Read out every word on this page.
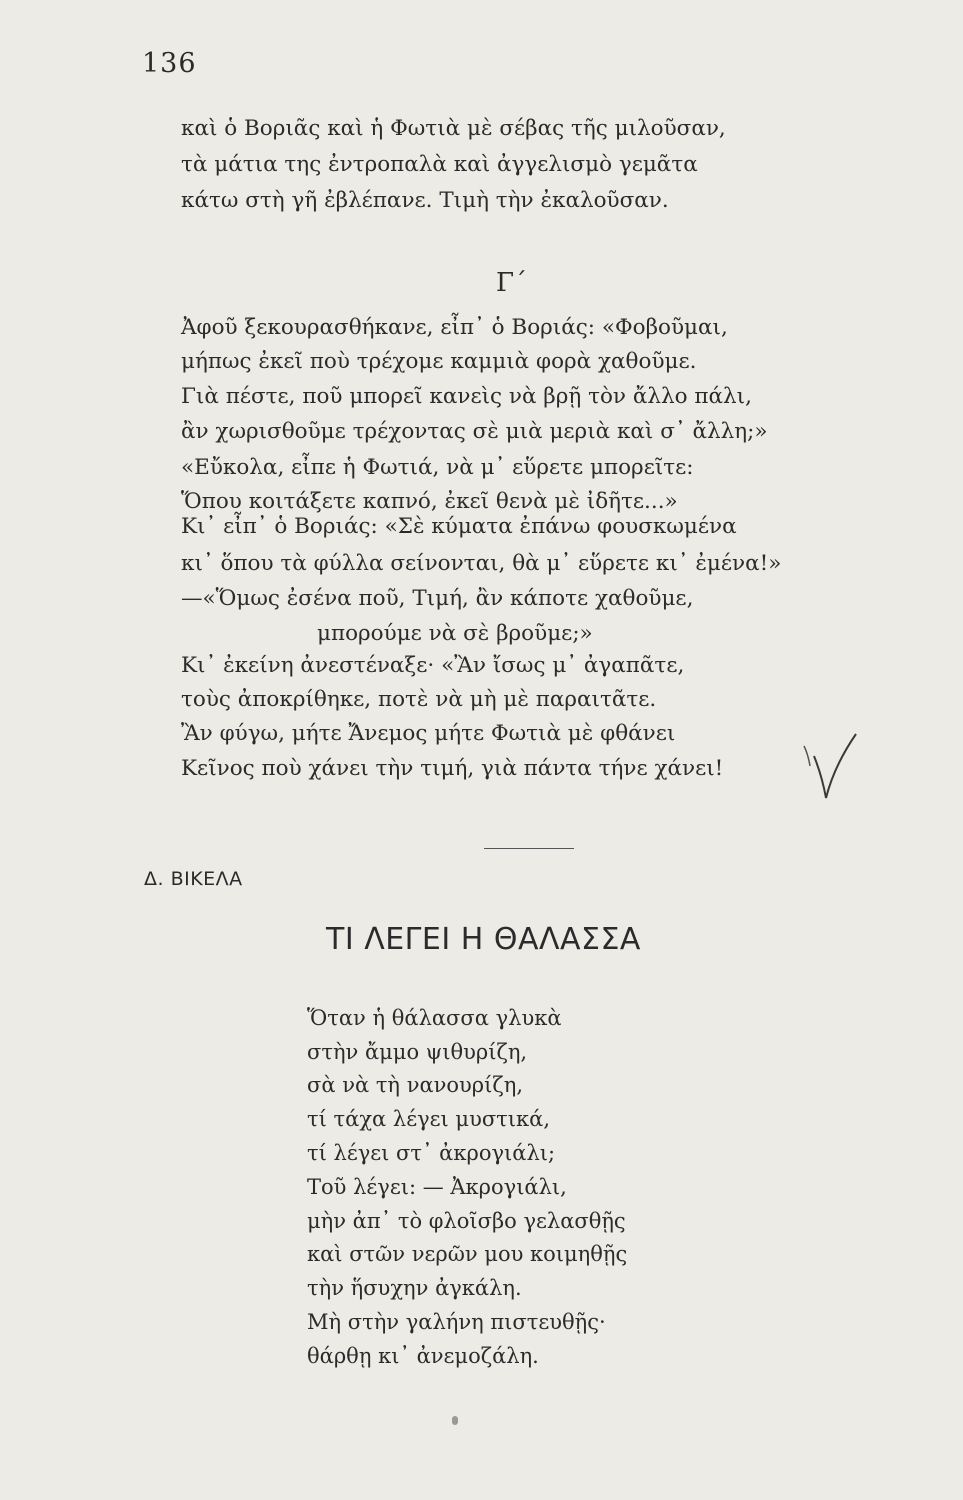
136
καὶ ὁ Βοριᾶς καὶ ἡ Φωτιὰ μὲ σέβας τῆς μιλοῦσαν,
τὰ μάτια της ἐντροπαλὰ καὶ ἀγγελισμὸ γεμᾶτα
κάτω στὴ γῆ ἐβλέπανε. Τιμὴ τὴν ἐκαλοῦσαν.
Γ΄
Ἀφοῦ ξεκουρασθήκανε, εἶπ᾿ ὁ Βοριάς: «Φοβοῦμαι,
μήπως ἐκεῖ ποὺ τρέχομε καμμιὰ φορὰ χαθοῦμε.
Γιὰ πέστε, ποῦ μπορεῖ κανεὶς νὰ βρῇ τὸν ἄλλο πάλι,
ἂν χωρισθοῦμε τρέχοντας σὲ μιὰ μεριὰ καὶ σ᾿ ἄλλη;»
«Εὔκολα, εἶπε ἡ Φωτιά, νὰ μ᾿ εὕρετε μπορεῖτε:
Ὅπου κοιτάξετε καπνό, ἐκεῖ θενὰ μὲ ἰδῆτε...»
Κι᾿ εἶπ᾿ ὁ Βοριάς: «Σὲ κύματα ἐπάνω φουσκωμένα
κι᾿ ὅπου τὰ φύλλα σείνονται, θὰ μ᾿ εὕρετε κι᾿ ἐμένα!»
—«Ὅμως ἐσένα ποῦ, Τιμή, ἂν κάποτε χαθοῦμε,
μπορούμε νὰ σὲ βροῦμε;»
Κι᾿ ἐκείνη ἀνεστέναξε· «Ἂν ἴσως μ᾿ ἀγαπᾶτε,
τοὺς ἀποκρίθηκε, ποτὲ νὰ μὴ μὲ παραιτᾶτε.
Ἂν φύγω, μήτε Ἄνεμος μήτε Φωτιὰ μὲ φθάνει
Κεῖνος ποὺ χάνει τὴν τιμή, γιὰ πάντα τήνε χάνει!
Δ. ΒΙΚΕΛΑ
ΤΙ ΛΕΓΕΙ Η ΘΑΛΑΣΣΑ
Ὅταν ἡ θάλασσα γλυκὰ
στὴν ἄμμο ψιθυρίζη,
σὰ νὰ τὴ νανουρίζη,
τί τάχα λέγει μυστικά,
τί λέγει στ᾿ ἀκρογιάλι;
Τοῦ λέγει: — Ἀκρογιάλι,
μὴν ἀπ᾿ τὸ φλοῖσβο γελασθῇς
καὶ στῶν νερῶν μου κοιμηθῇς
τὴν ἥσυχην ἀγκάλη.
Μὴ στὴν γαλήνη πιστευθῇς·
θάρθῃ κι᾿ ἀνεμοζάλη.
